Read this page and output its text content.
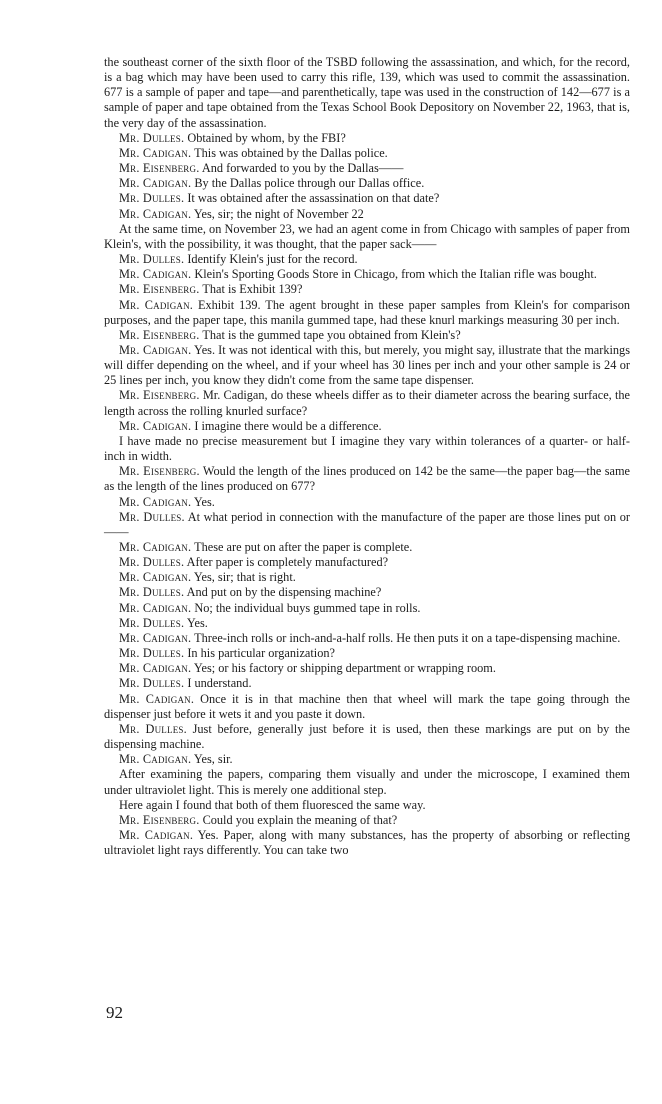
the southeast corner of the sixth floor of the TSBD following the assassination, and which, for the record, is a bag which may have been used to carry this rifle, 139, which was used to commit the assassination. 677 is a sample of paper and tape—and parenthetically, tape was used in the construction of 142—677 is a sample of paper and tape obtained from the Texas School Book Depository on November 22, 1963, that is, the very day of the assassination.

Mr. Dulles. Obtained by whom, by the FBI?

Mr. Cadigan. This was obtained by the Dallas police.

Mr. Eisenberg. And forwarded to you by the Dallas——

Mr. Cadigan. By the Dallas police through our Dallas office.

Mr. Dulles. It was obtained after the assassination on that date?

Mr. Cadigan. Yes, sir; the night of November 22

At the same time, on November 23, we had an agent come in from Chicago with samples of paper from Klein's, with the possibility, it was thought, that the paper sack——

Mr. Dulles. Identify Klein's just for the record.

Mr. Cadigan. Klein's Sporting Goods Store in Chicago, from which the Italian rifle was bought.

Mr. Eisenberg. That is Exhibit 139?

Mr. Cadigan. Exhibit 139. The agent brought in these paper samples from Klein's for comparison purposes, and the paper tape, this manila gummed tape, had these knurl markings measuring 30 per inch.

Mr. Eisenberg. That is the gummed tape you obtained from Klein's?

Mr. Cadigan. Yes. It was not identical with this, but merely, you might say, illustrate that the markings will differ depending on the wheel, and if your wheel has 30 lines per inch and your other sample is 24 or 25 lines per inch, you know they didn't come from the same tape dispenser.

Mr. Eisenberg. Mr. Cadigan, do these wheels differ as to their diameter across the bearing surface, the length across the rolling knurled surface?

Mr. Cadigan. I imagine there would be a difference.

I have made no precise measurement but I imagine they vary within tolerances of a quarter- or half-inch in width.

Mr. Eisenberg. Would the length of the lines produced on 142 be the same—the paper bag—the same as the length of the lines produced on 677?

Mr. Cadigan. Yes.

Mr. Dulles. At what period in connection with the manufacture of the paper are those lines put on or——

Mr. Cadigan. These are put on after the paper is complete.

Mr. Dulles. After paper is completely manufactured?

Mr. Cadigan. Yes, sir; that is right.

Mr. Dulles. And put on by the dispensing machine?

Mr. Cadigan. No; the individual buys gummed tape in rolls.

Mr. Dulles. Yes.

Mr. Cadigan. Three-inch rolls or inch-and-a-half rolls. He then puts it on a tape-dispensing machine.

Mr. Dulles. In his particular organization?

Mr. Cadigan. Yes; or his factory or shipping department or wrapping room.

Mr. Dulles. I understand.

Mr. Cadigan. Once it is in that machine then that wheel will mark the tape going through the dispenser just before it wets it and you paste it down.

Mr. Dulles. Just before, generally just before it is used, then these markings are put on by the dispensing machine.

Mr. Cadigan. Yes, sir.

After examining the papers, comparing them visually and under the microscope, I examined them under ultraviolet light. This is merely one additional step.

Here again I found that both of them fluoresced the same way.

Mr. Eisenberg. Could you explain the meaning of that?

Mr. Cadigan. Yes. Paper, along with many substances, has the property of absorbing or reflecting ultraviolet light rays differently. You can take two

92
